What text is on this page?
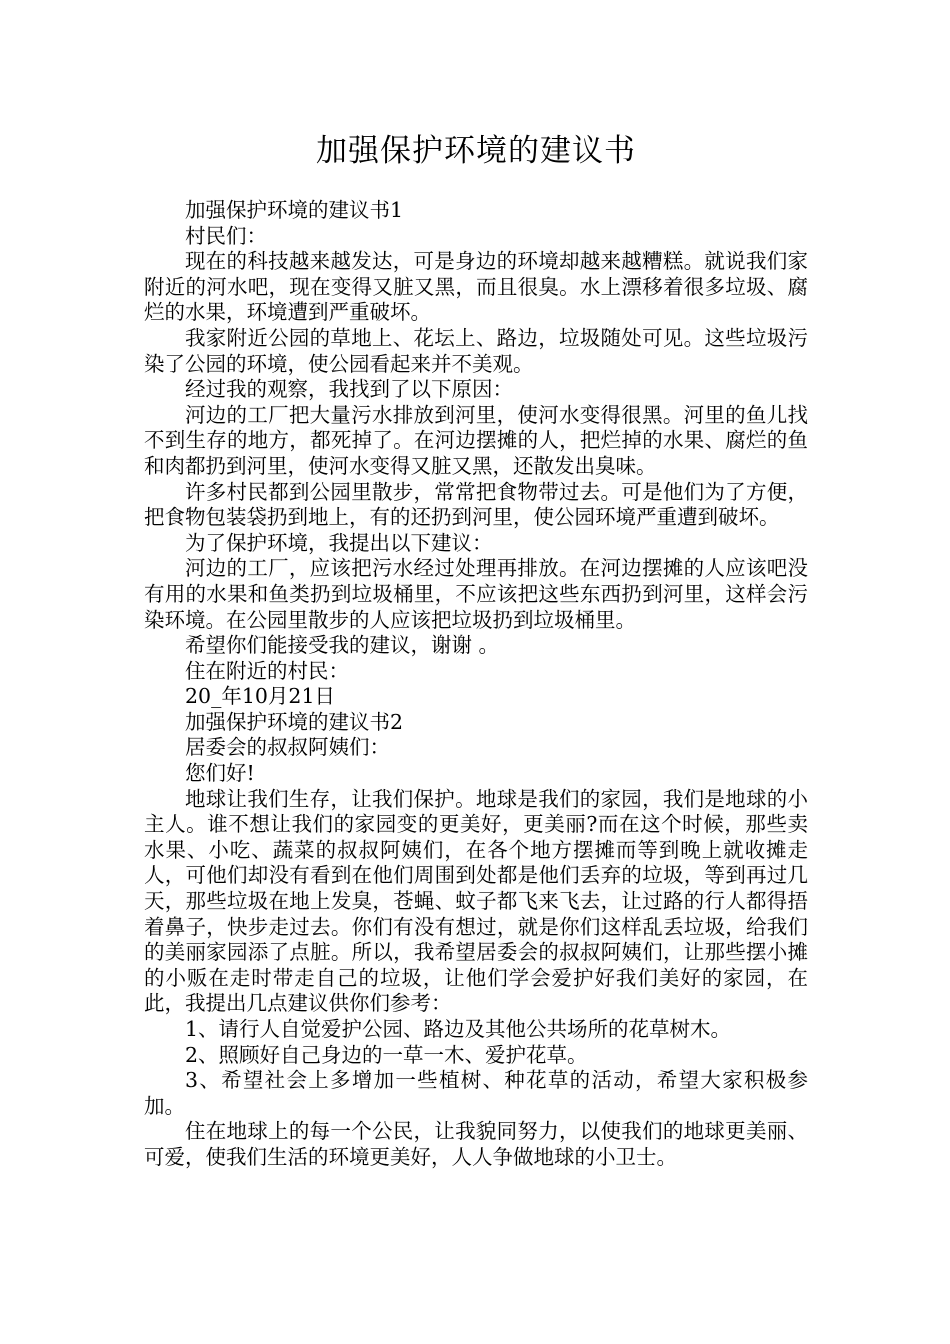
加强保护环境的建议书

加强保护环境的建议书1

村民们：

现在的科技越来越发达，可是身边的环境却越来越糟糕。就说我们家附近的河水吧，现在变得又脏又黑，而且很臭。水上漂移着很多垃圾、腐烂的水果，环境遭到严重破坏。

我家附近公园的草地上、花坛上、路边，垃圾随处可见。这些垃圾污染了公园的环境，使公园看起来并不美观。

经过我的观察，我找到了以下原因：

河边的工厂把大量污水排放到河里，使河水变得很黑。河里的鱼儿找不到生存的地方，都死掉了。在河边摆摊的人，把烂掉的水果、腐烂的鱼和肉都扔到河里，使河水变得又脏又黑，还散发出臭味。

许多村民都到公园里散步，常常把食物带过去。可是他们为了方便，把食物包装袋扔到地上，有的还扔到河里，使公园环境严重遭到破坏。

为了保护环境，我提出以下建议：

河边的工厂，应该把污水经过处理再排放。在河边摆摊的人应该吧没有用的水果和鱼类扔到垃圾桶里，不应该把这些东西扔到河里，这样会污染环境。在公园里散步的人应该把垃圾扔到垃圾桶里。

希望你们能接受我的建议，谢谢 。

住在附近的村民：

20_年10月21日

加强保护环境的建议书2

居委会的叔叔阿姨们：

您们好!

地球让我们生存，让我们保护。地球是我们的家园，我们是地球的小主人。谁不想让我们的家园变的更美好，更美丽?而在这个时候，那些卖水果、小吃、蔬菜的叔叔阿姨们，在各个地方摆摊而等到晚上就收摊走人，可他们却没有看到在他们周围到处都是他们丢弃的垃圾，等到再过几天，那些垃圾在地上发臭，苍蝇、蚊子都飞来飞去，让过路的行人都得捂着鼻子，快步走过去。你们有没有想过，就是你们这样乱丢垃圾，给我们的美丽家园添了点脏。所以，我希望居委会的叔叔阿姨们，让那些摆小摊的小贩在走时带走自己的垃圾，让他们学会爱护好我们美好的家园，在此，我提出几点建议供你们参考：

1、请行人自觉爱护公园、路边及其他公共场所的花草树木。

2、照顾好自己身边的一草一木、爱护花草。

3、希望社会上多增加一些植树、种花草的活动，希望大家积极参加。

住在地球上的每一个公民，让我貌同努力，以使我们的地球更美丽、可爱，使我们生活的环境更美好，人人争做地球的小卫士。
